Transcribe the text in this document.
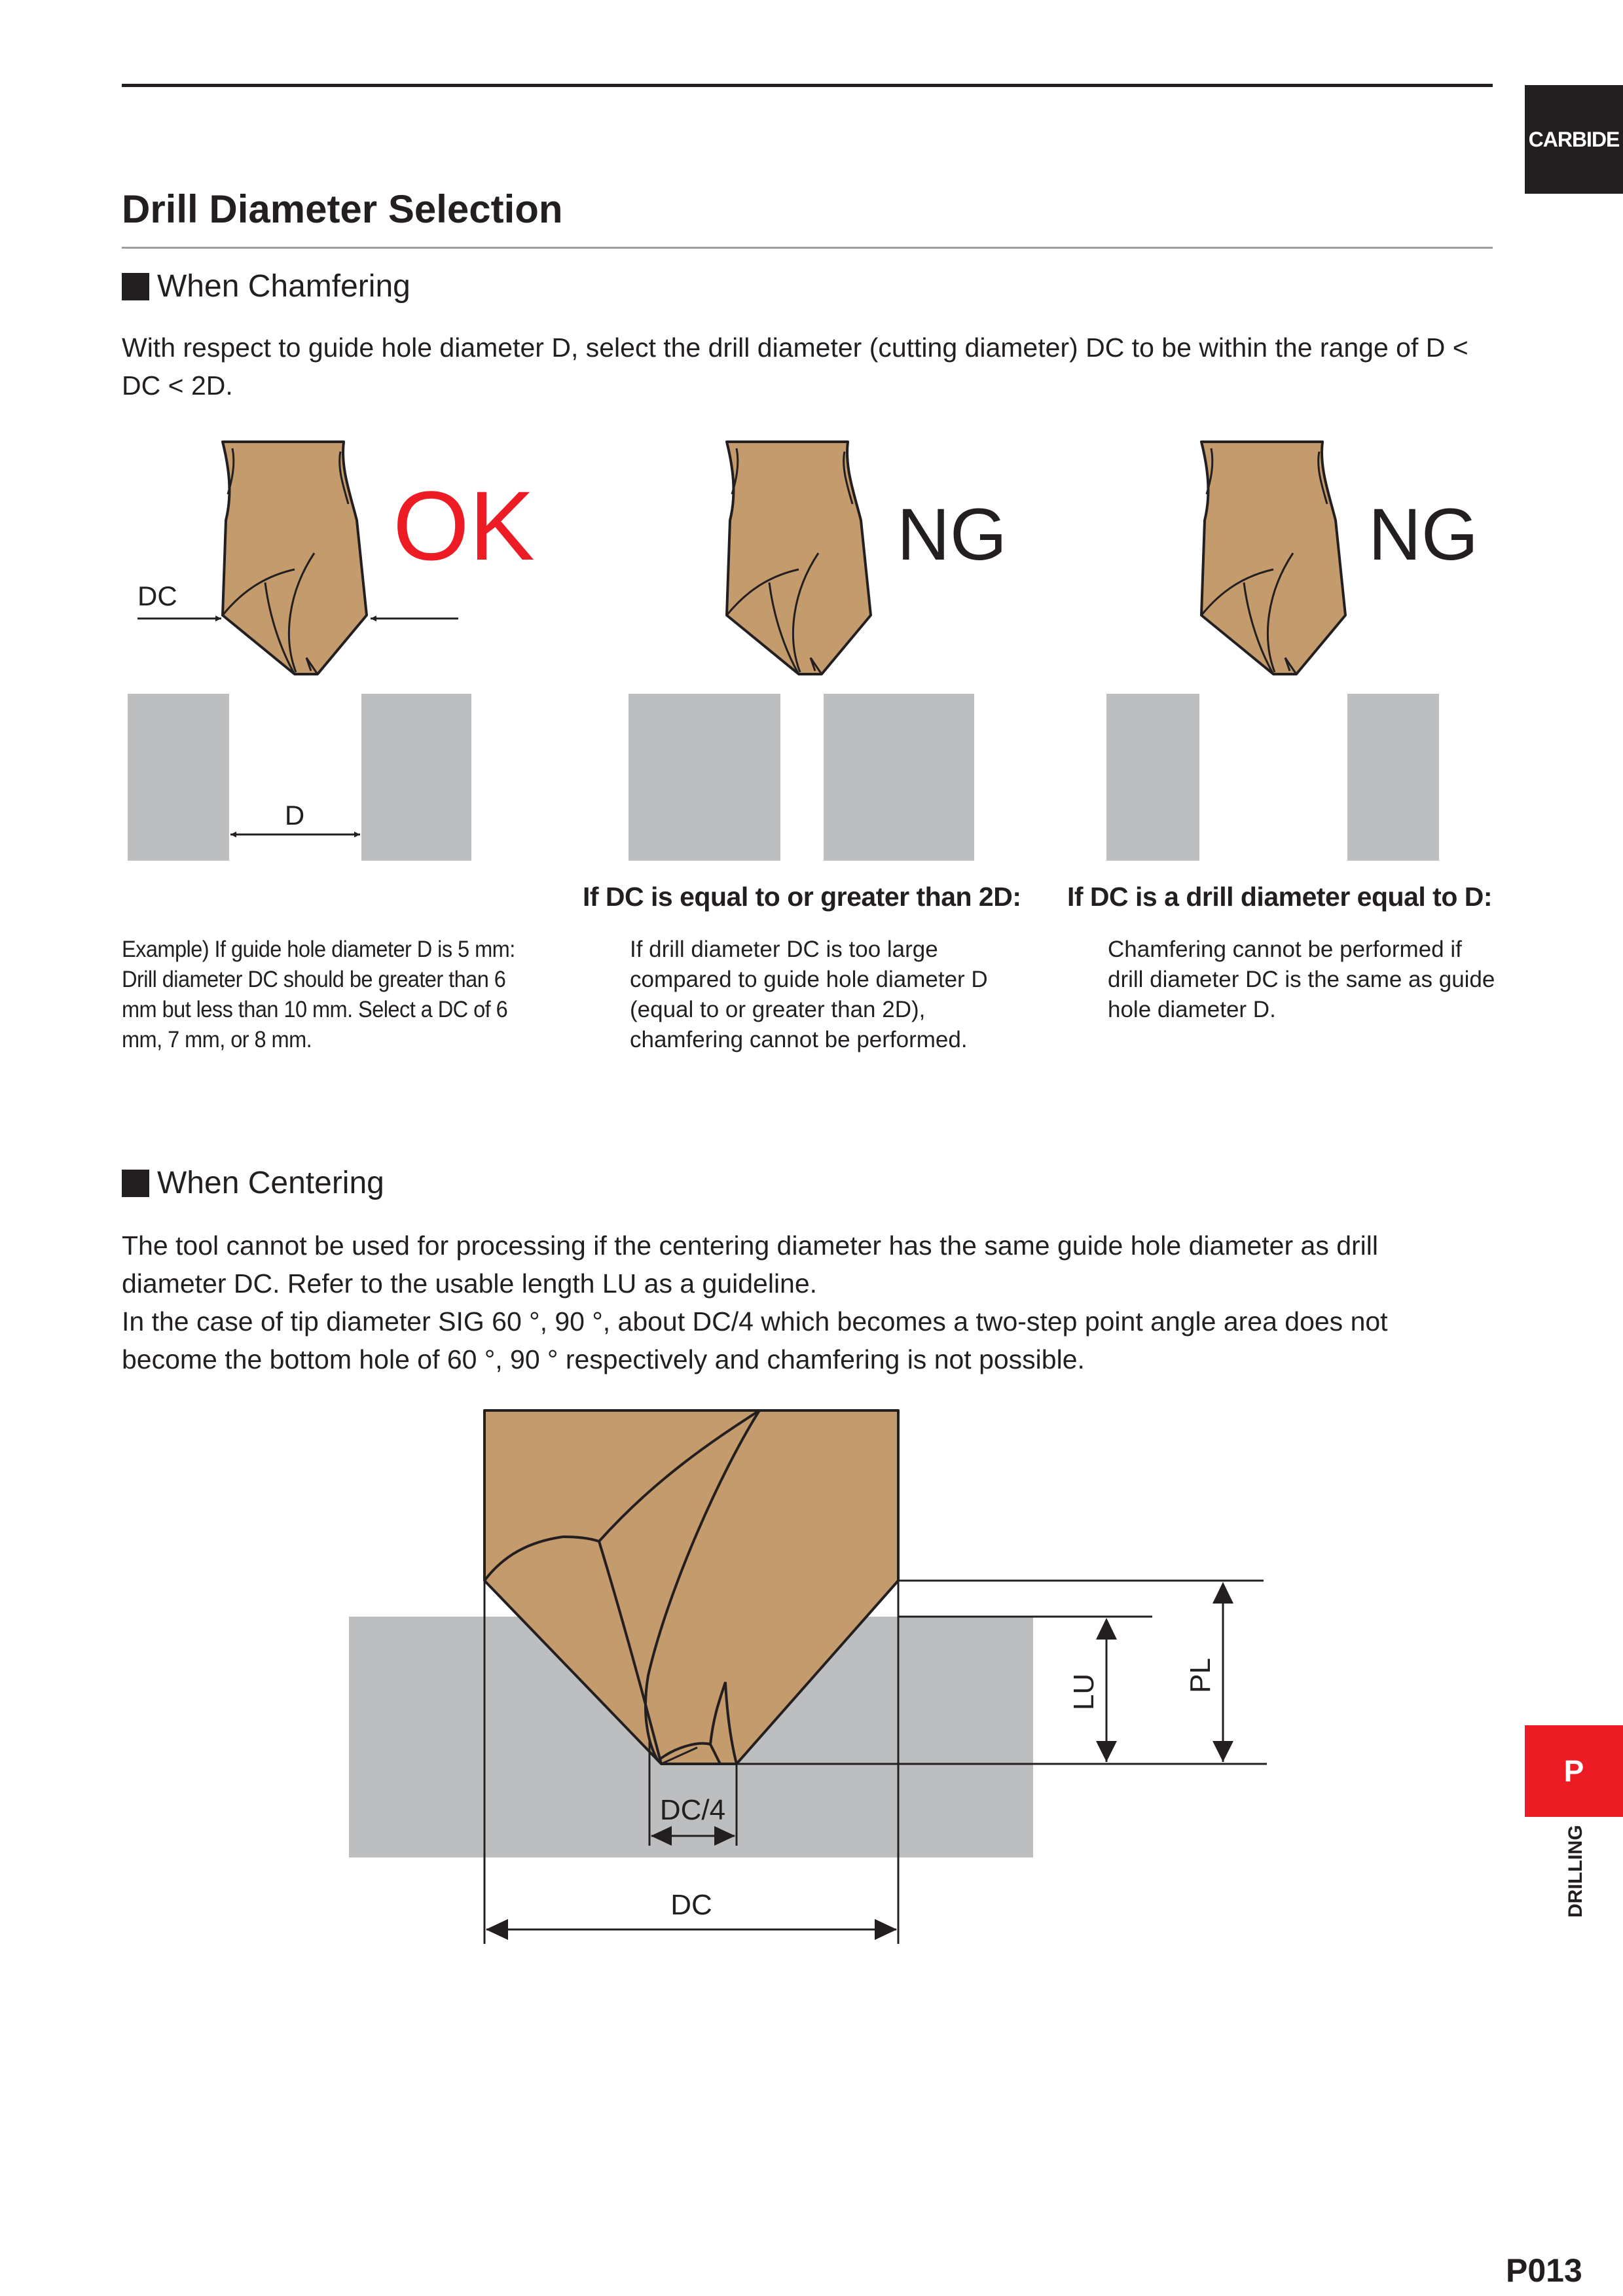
CARBIDE
Drill Diameter Selection
When Chamfering
With respect to guide hole diameter D, select the drill diameter (cutting diameter) DC to be within the range of D < DC < 2D.
OK
DC
D
NG	NG
Example) If guide hole diameter D is 5 mm: Drill diameter DC should be greater than 6 mm but less than 10 mm. Select a DC of 6 mm, 7 mm, or 8 mm.
If DC is equal to or greater than 2D:
If drill diameter DC is too large compared to guide hole diameter D (equal to or greater than 2D), chamfering cannot be performed.
If DC is a drill diameter equal to D:
Chamfering cannot be performed if drill diameter DC is the same as guide hole diameter D.
When Centering
The tool cannot be used for processing if the centering diameter has the same guide hole diameter as drill diameter DC. Refer to the usable length LU as a guideline.
In the case of tip diameter SIG 60 °, 90 °, about DC/4 which becomes a two-step point angle area does not become the bottom hole of 60 °, 90 ° respectively and chamfering is not possible.
LU	PL
DC/4
DC
P
DRILLING
P013
